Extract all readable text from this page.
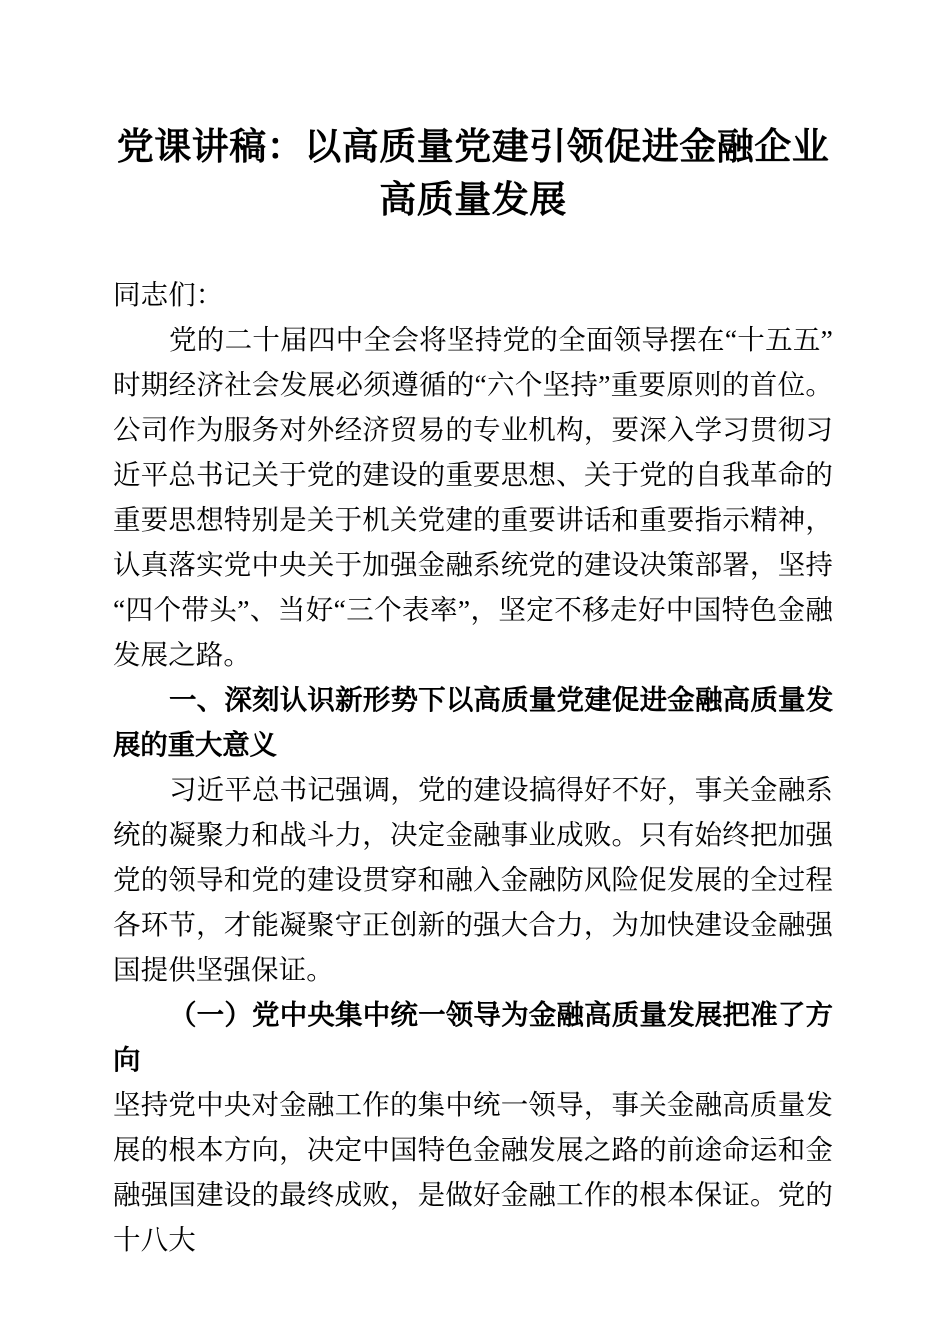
党课讲稿：以高质量党建引领促进金融企业高质量发展

同志们：

党的二十届四中全会将坚持党的全面领导摆在“十五五”时期经济社会发展必须遵循的“六个坚持”重要原则的首位。公司作为服务对外经济贸易的专业机构，要深入学习贯彻习近平总书记关于党的建设的重要思想、关于党的自我革命的重要思想特别是关于机关党建的重要讲话和重要指示精神，认真落实党中央关于加强金融系统党的建设决策部署，坚持“四个带头”、当好“三个表率”，坚定不移走好中国特色金融发展之路。

一、深刻认识新形势下以高质量党建促进金融高质量发展的重大意义

习近平总书记强调，党的建设搞得好不好，事关金融系统的凝聚力和战斗力，决定金融事业成败。只有始终把加强党的领导和党的建设贯穿和融入金融防风险促发展的全过程各环节，才能凝聚守正创新的强大合力，为加快建设金融强国提供坚强保证。

（一）党中央集中统一领导为金融高质量发展把准了方向

坚持党中央对金融工作的集中统一领导，事关金融高质量发展的根本方向，决定中国特色金融发展之路的前途命运和金融强国建设的最终成败，是做好金融工作的根本保证。党的十八大
